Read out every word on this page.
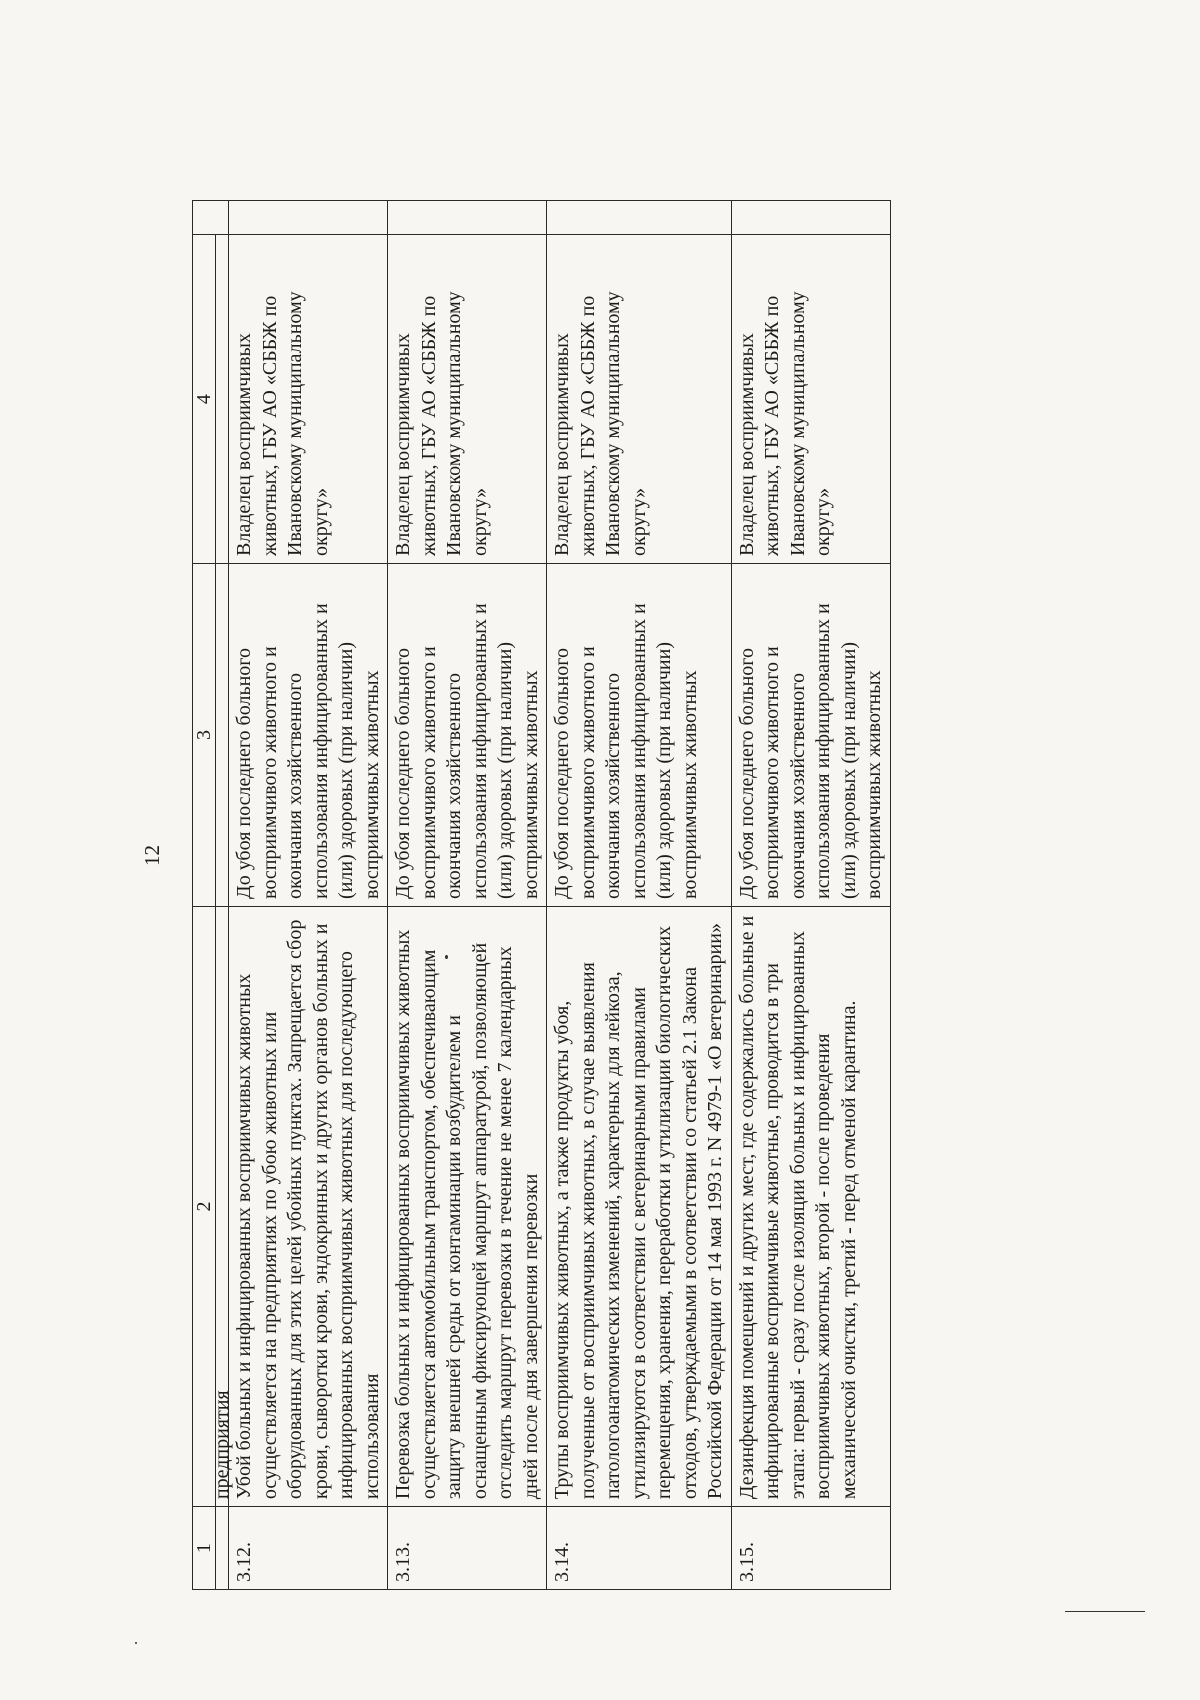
12
1	2	3	4	
	предприятия			
3.12.	Убой больных и инфицированных восприимчивых животных осуществляется на предприятиях по убою животных или оборудованных для этих целей убойных пунктах. Запрещается сбор крови, сыворотки крови, эндокринных и других органов больных и инфицированных восприимчивых животных для последующего использования	До убоя последнего больного восприимчивого животного и окончания хозяйственного использования инфицированных и (или) здоровых (при наличии) восприимчивых животных	Владелец восприимчивых животных, ГБУ АО «СББЖ по Ивановскому муниципальному округу»	
3.13.	Перевозка больных и инфицированных восприимчивых животных осуществляется автомобильным транспортом, обеспечивающим защиту внешней среды от контаминации возбудителем и оснащенным фиксирующей маршрут аппаратурой, позволяющей отследить маршрут перевозки в течение не менее 7 календарных дней после дня завершения перевозки	До убоя последнего больного восприимчивого животного и окончания хозяйственного использования инфицированных и (или) здоровых (при наличии) восприимчивых животных	Владелец восприимчивых животных, ГБУ АО «СББЖ по Ивановскому муниципальному округу»	
3.14.	Трупы восприимчивых животных, а также продукты убоя, полученные от восприимчивых животных, в случае выявления патологоанатомических изменений, характерных для лейкоза, утилизируются в соответствии с ветеринарными правилами перемещения, хранения, переработки и утилизации биологических отходов, утверждаемыми в соответствии со статьей 2.1 Закона Российской Федерации от 14 мая 1993 г. N 4979-1 «О ветеринарии»	До убоя последнего больного восприимчивого животного и окончания хозяйственного использования инфицированных и (или) здоровых (при наличии) восприимчивых животных	Владелец восприимчивых животных, ГБУ АО «СББЖ по Ивановскому муниципальному округу»	
3.15.	Дезинфекция помещений и других мест, где содержались больные и инфицированные восприимчивые животные, проводится в три этапа: первый - сразу после изоляции больных и инфицированных восприимчивых животных, второй - после проведения механической очистки, третий - перед отменой карантина.	До убоя последнего больного восприимчивого животного и окончания хозяйственного использования инфицированных и (или) здоровых (при наличии) восприимчивых животных	Владелец восприимчивых животных, ГБУ АО «СББЖ по Ивановскому муниципальному округу»	
